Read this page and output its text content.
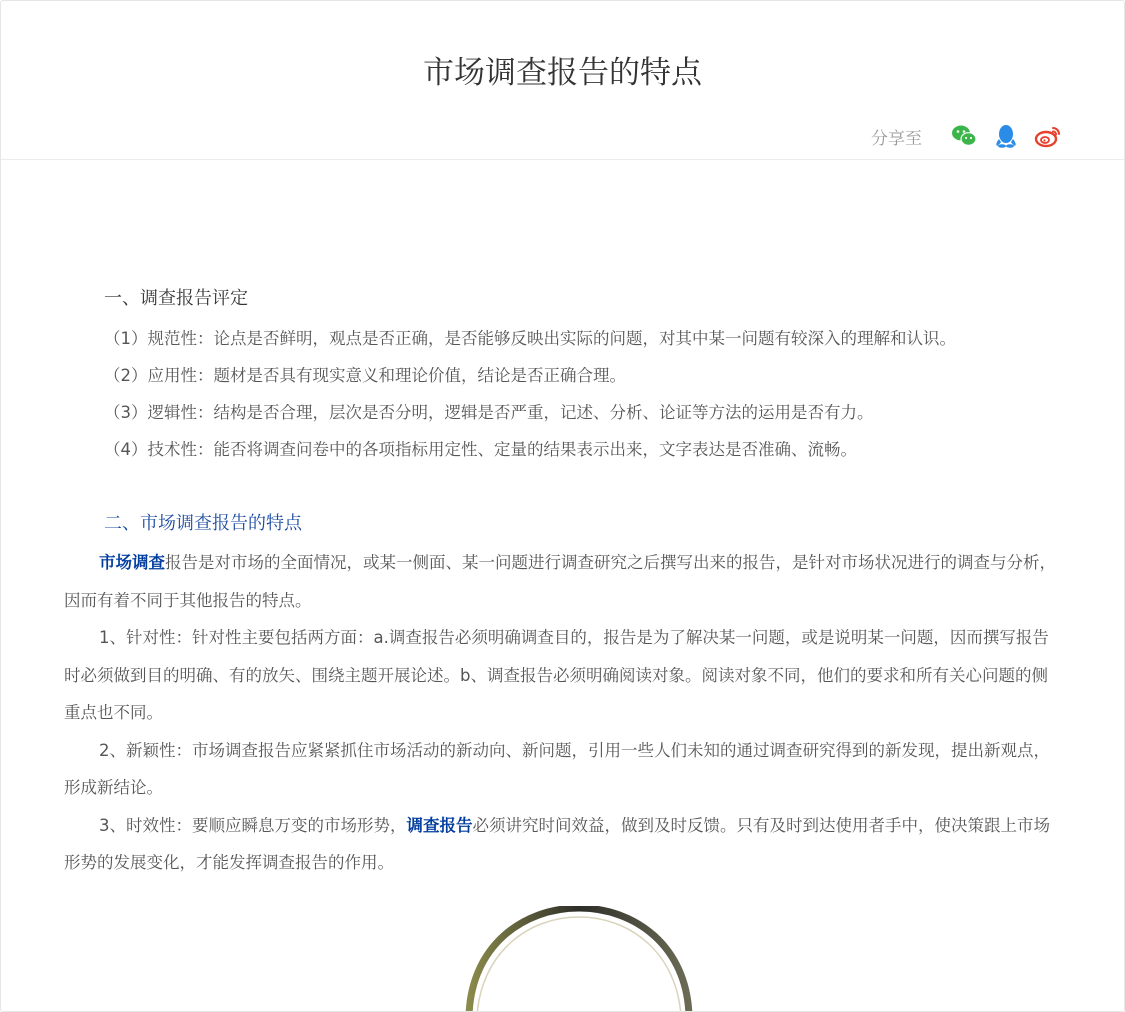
市场调查报告的特点
分享至
一、调查报告评定

（1）规范性：论点是否鲜明，观点是否正确，是否能够反映出实际的问题，对其中某一问题有较深入的理解和认识。

（2）应用性：题材是否具有现实意义和理论价值，结论是否正确合理。

（3）逻辑性：结构是否合理，层次是否分明，逻辑是否严重，记述、分析、论证等方法的运用是否有力。

（4）技术性：能否将调查问卷中的各项指标用定性、定量的结果表示出来，文字表达是否准确、流畅。

二、市场调查报告的特点

市场调查报告是对市场的全面情况，或某一侧面、某一问题进行调查研究之后撰写出来的报告，是针对市场状况进行的调查与分析，因而有着不同于其他报告的特点。

1、针对性：针对性主要包括两方面：a.调查报告必须明确调查目的，报告是为了解决某一问题，或是说明某一问题，因而撰写报告时必须做到目的明确、有的放矢、围绕主题开展论述。b、调查报告必须明确阅读对象。阅读对象不同，他们的要求和所有关心问题的侧重点也不同。

2、新颖性：市场调查报告应紧紧抓住市场活动的新动向、新问题，引用一些人们未知的通过调查研究得到的新发现，提出新观点，形成新结论。

3、时效性：要顺应瞬息万变的市场形势，调查报告必须讲究时间效益，做到及时反馈。只有及时到达使用者手中，使决策跟上市场形势的发展变化，才能发挥调查报告的作用。
